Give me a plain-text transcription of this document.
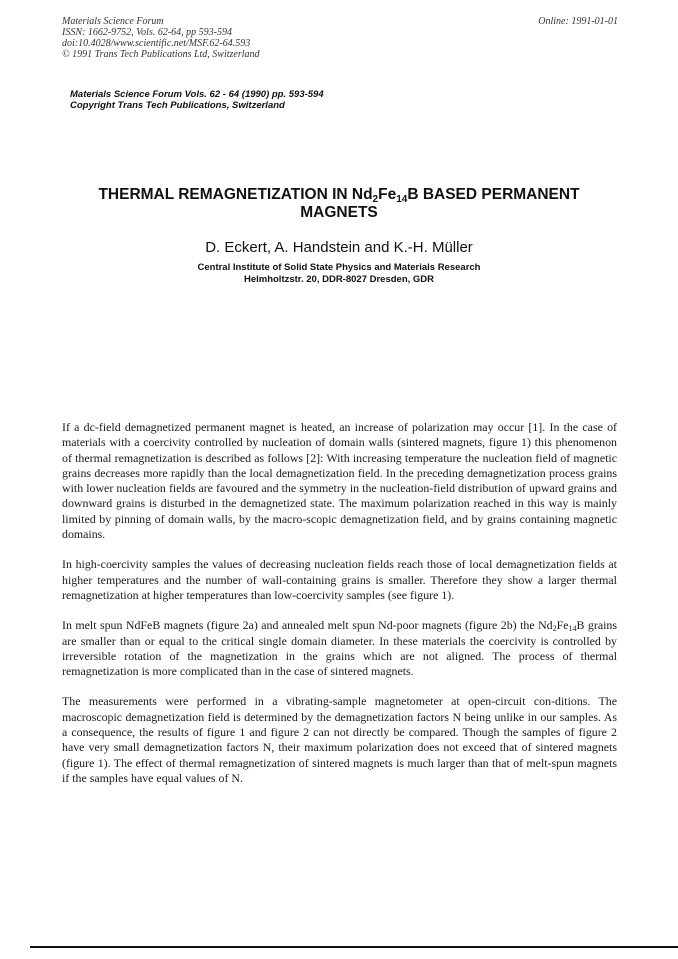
Materials Science Forum
ISSN: 1662-9752, Vols. 62-64, pp 593-594
doi:10.4028/www.scientific.net/MSF.62-64.593
© 1991 Trans Tech Publications Ltd, Switzerland
Online: 1991-01-01
Materials Science Forum Vols. 62 - 64 (1990) pp. 593-594
Copyright Trans Tech Publications, Switzerland
THERMAL REMAGNETIZATION IN $Nd_2Fe_{14}B$ BASED PERMANENT MAGNETS
D. Eckert, A. Handstein and K.-H. Müller
Central Institute of Solid State Physics and Materials Research
Helmholtzstr. 20, DDR-8027 Dresden, GDR

If a dc-field demagnetized permanent magnet is heated, an increase of polarization may occur [1]. In the case of materials with a coercivity controlled by nucleation of domain walls (sintered magnets, figure 1) this phenomenon of thermal remagnetization is described as follows [2]: With increasing temperature the nucleation field of magnetic grains decreases more rapidly than the local demagnetization field. In the preceding demagnetization process grains with lower nucleation fields are favoured and the symmetry in the nucleation-field distribution of upward grains and downward grains is disturbed in the demagnetized state. The maximum polarization reached in this way is mainly limited by pinning of domain walls, by the macro-scopic demagnetization field, and by grains containing magnetic domains.

In high-coercivity samples the values of decreasing nucleation fields reach those of local demagnetization fields at higher temperatures and the number of wall-containing grains is smaller. Therefore they show a larger thermal remagnetization at higher temperatures than low-coercivity samples (see figure 1).

In melt spun NdFeB magnets (figure 2a) and annealed melt spun Nd-poor magnets (figure 2b) the $Nd_2Fe_{14}B$ grains are smaller than or equal to the critical single domain diameter. In these materials the coercivity is controlled by irreversible rotation of the magnetization in the grains which are not aligned. The process of thermal remagnetization is more complicated than in the case of sintered magnets.

The measurements were performed in a vibrating-sample magnetometer at open-circuit con-ditions. The macroscopic demagnetization field is determined by the demagnetization factors N being unlike in our samples. As a consequence, the results of figure 1 and figure 2 can not directly be compared. Though the samples of figure 2 have very small demagnetization factors N, their maximum polarization does not exceed that of sintered magnets (figure 1). The effect of thermal remagnetization of sintered magnets is much larger than that of melt-spun magnets if the samples have equal values of N.
